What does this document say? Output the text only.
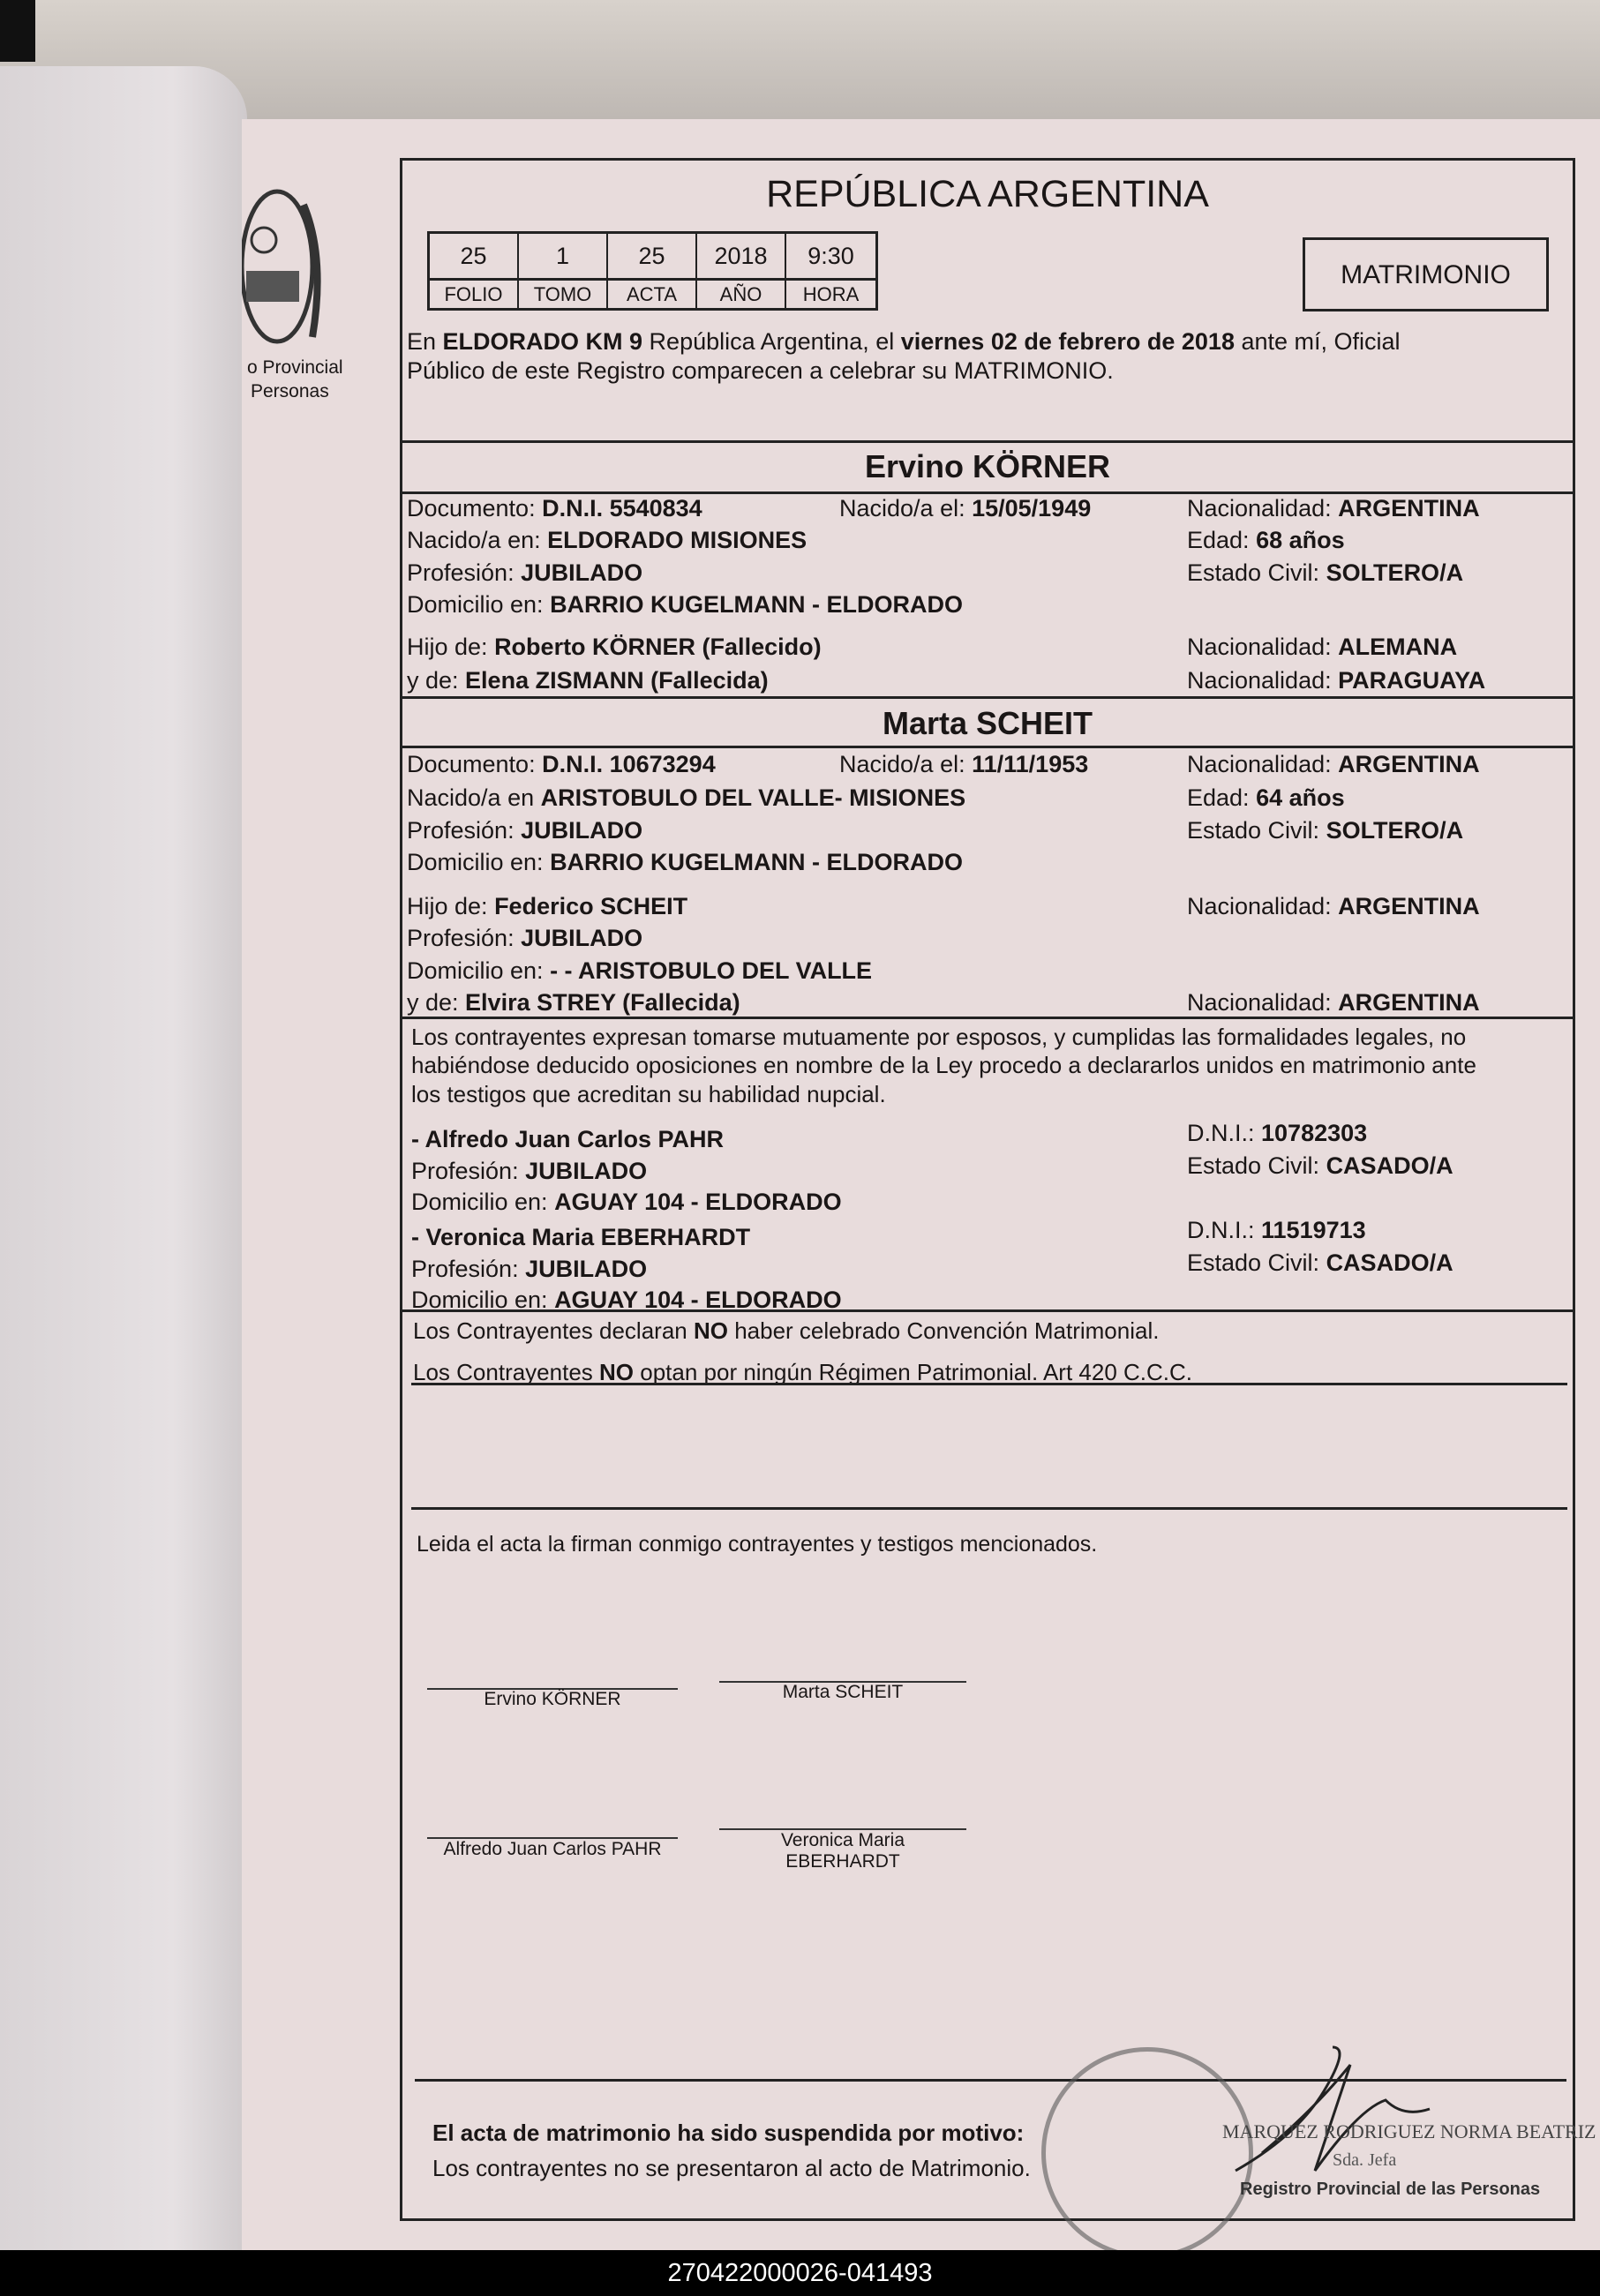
o Provincial
Personas
REPÚBLICA ARGENTINA
25	1	25	2018	9:30
FOLIO	TOMO	ACTA	AÑO	HORA
MATRIMONIO
En ELDORADO KM 9 República Argentina, el viernes 02 de febrero de 2018 ante mí, Oficial
Público de este Registro comparecen a celebrar su MATRIMONIO.
Ervino KÖRNER
Documento: D.N.I. 5540834	Nacido/a el: 15/05/1949	Nacionalidad: ARGENTINA
Nacido/a en: ELDORADO MISIONES	Edad: 68 años
Profesión: JUBILADO	Estado Civil: SOLTERO/A
Domicilio en: BARRIO KUGELMANN - ELDORADO
Hijo de: Roberto KÖRNER (Fallecido)	Nacionalidad: ALEMANA
y de: Elena ZISMANN (Fallecida)	Nacionalidad: PARAGUAYA
Marta SCHEIT
Documento: D.N.I. 10673294	Nacido/a el: 11/11/1953	Nacionalidad: ARGENTINA
Nacido/a en ARISTOBULO DEL VALLE- MISIONES	Edad: 64 años
Profesión: JUBILADO	Estado Civil: SOLTERO/A
Domicilio en: BARRIO KUGELMANN - ELDORADO
Hijo de: Federico SCHEIT	Nacionalidad: ARGENTINA
Profesión: JUBILADO
Domicilio en: - - ARISTOBULO DEL VALLE
y de: Elvira STREY (Fallecida)	Nacionalidad: ARGENTINA
Los contrayentes expresan tomarse mutuamente por esposos, y cumplidas las formalidades legales, no
habiéndose deducido oposiciones en nombre de la Ley procedo a declararlos unidos en matrimonio ante
los testigos que acreditan su habilidad nupcial.
- Alfredo Juan Carlos PAHR
Profesión: JUBILADO
Domicilio en: AGUAY 104 - ELDORADO
D.N.I.: 10782303
Estado Civil: CASADO/A
- Veronica Maria EBERHARDT
Profesión: JUBILADO
Domicilio en: AGUAY 104 - ELDORADO
D.N.I.: 11519713
Estado Civil: CASADO/A
Los Contrayentes declaran NO haber celebrado Convención Matrimonial.
Los Contrayentes NO optan por ningún Régimen Patrimonial. Art 420 C.C.C.
Leida el acta la firman conmigo contrayentes y testigos mencionados.
Ervino KÖRNER	Marta SCHEIT
Alfredo Juan Carlos PAHR	Veronica Maria EBERHARDT
El acta de matrimonio ha sido suspendida por motivo:
Los contrayentes no se presentaron al acto de Matrimonio.
MARQUEZ RODRIGUEZ NORMA BEATRIZ
Sda. Jefa
Registro Provincial de las Personas
270422000026-041493
